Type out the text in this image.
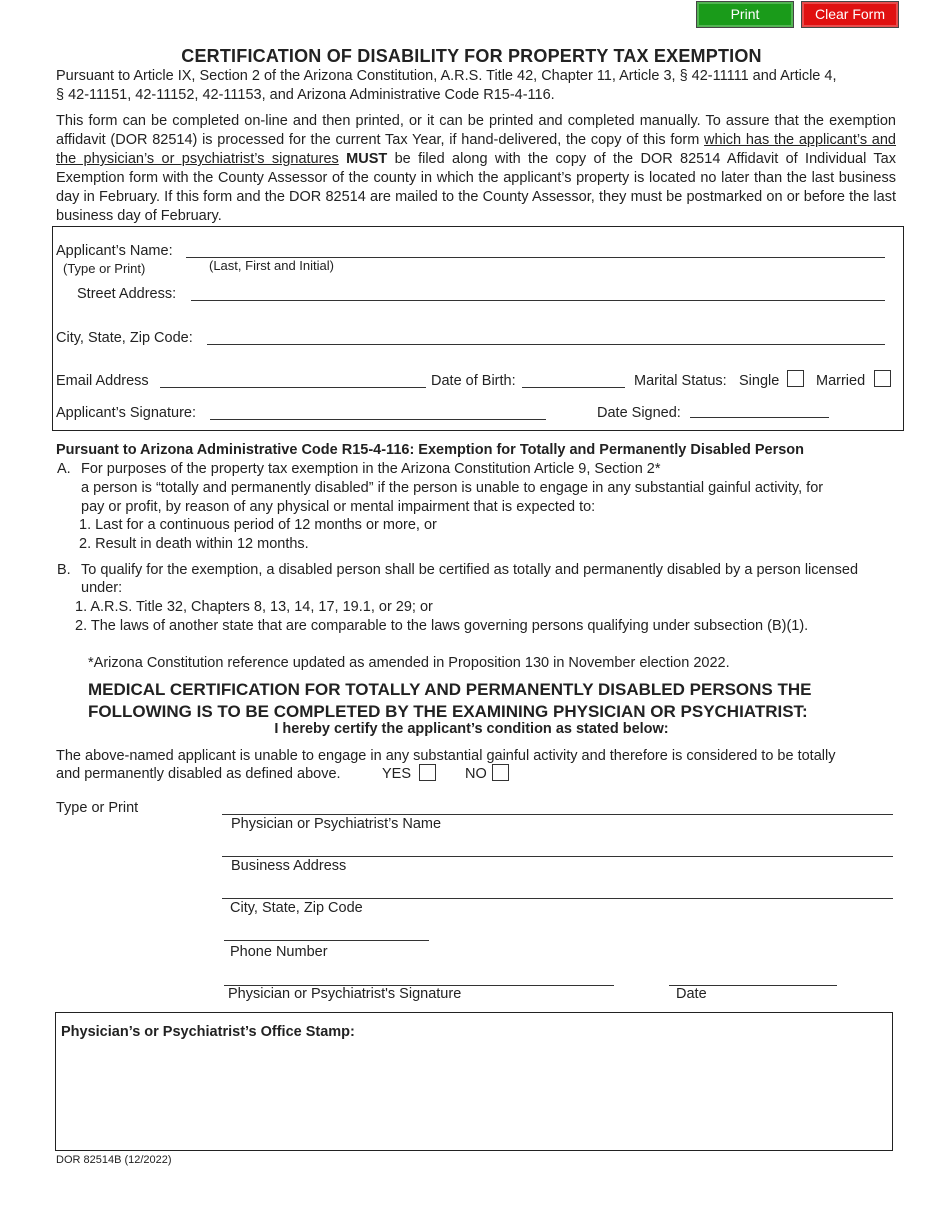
Print	Clear Form
CERTIFICATION OF DISABILITY FOR PROPERTY TAX EXEMPTION
Pursuant to Article IX, Section 2 of the Arizona Constitution, A.R.S. Title 42, Chapter 11, Article 3, § 42-11111 and Article 4,
§ 42-11151, 42-11152, 42-11153, and Arizona Administrative Code R15-4-116.
This form can be completed on-line and then printed, or it can be printed and completed manually. To assure that the exemption affidavit (DOR 82514) is processed for the current Tax Year, if hand-delivered, the copy of this form which has the applicant’s and the physician’s or psychiatrist’s signatures MUST be filed along with the copy of the DOR 82514 Affidavit of Individual Tax Exemption form with the County Assessor of the county in which the applicant’s property is located no later than the last business day in February. If this form and the DOR 82514 are mailed to the County Assessor, they must be postmarked on or before the last business day of February.
Applicant’s Name:
(Type or Print)	(Last, First and Initial)
Street Address:
City, State, Zip Code:
Email Address	Date of Birth:	Marital Status: Single	Married
Applicant’s Signature:	Date Signed:
Pursuant to Arizona Administrative Code R15-4-116: Exemption for Totally and Permanently Disabled Person
A. For purposes of the property tax exemption in the Arizona Constitution Article 9, Section 2*
a person is “totally and permanently disabled” if the person is unable to engage in any substantial gainful activity, for
pay or profit, by reason of any physical or mental impairment that is expected to:
1. Last for a continuous period of 12 months or more, or
2. Result in death within 12 months.
B. To qualify for the exemption, a disabled person shall be certified as totally and permanently disabled by a person licensed
under:
1. A.R.S. Title 32, Chapters 8, 13, 14, 17, 19.1, or 29; or
2. The laws of another state that are comparable to the laws governing persons qualifying under subsection (B)(1).
*Arizona Constitution reference updated as amended in Proposition 130 in November election 2022.
MEDICAL CERTIFICATION FOR TOTALLY AND PERMANENTLY DISABLED PERSONS THE
FOLLOWING IS TO BE COMPLETED BY THE EXAMINING PHYSICIAN OR PSYCHIATRIST:
I hereby certify the applicant’s condition as stated below:
The above-named applicant is unable to engage in any substantial gainful activity and therefore is considered to be totally
and permanently disabled as defined above.	YES	NO
Type or Print
Physician or Psychiatrist’s Name
Business Address
City, State, Zip Code
Phone Number
Physician or Psychiatrist's Signature	Date
Physician’s or Psychiatrist’s Office Stamp:
DOR 82514B (12/2022)
